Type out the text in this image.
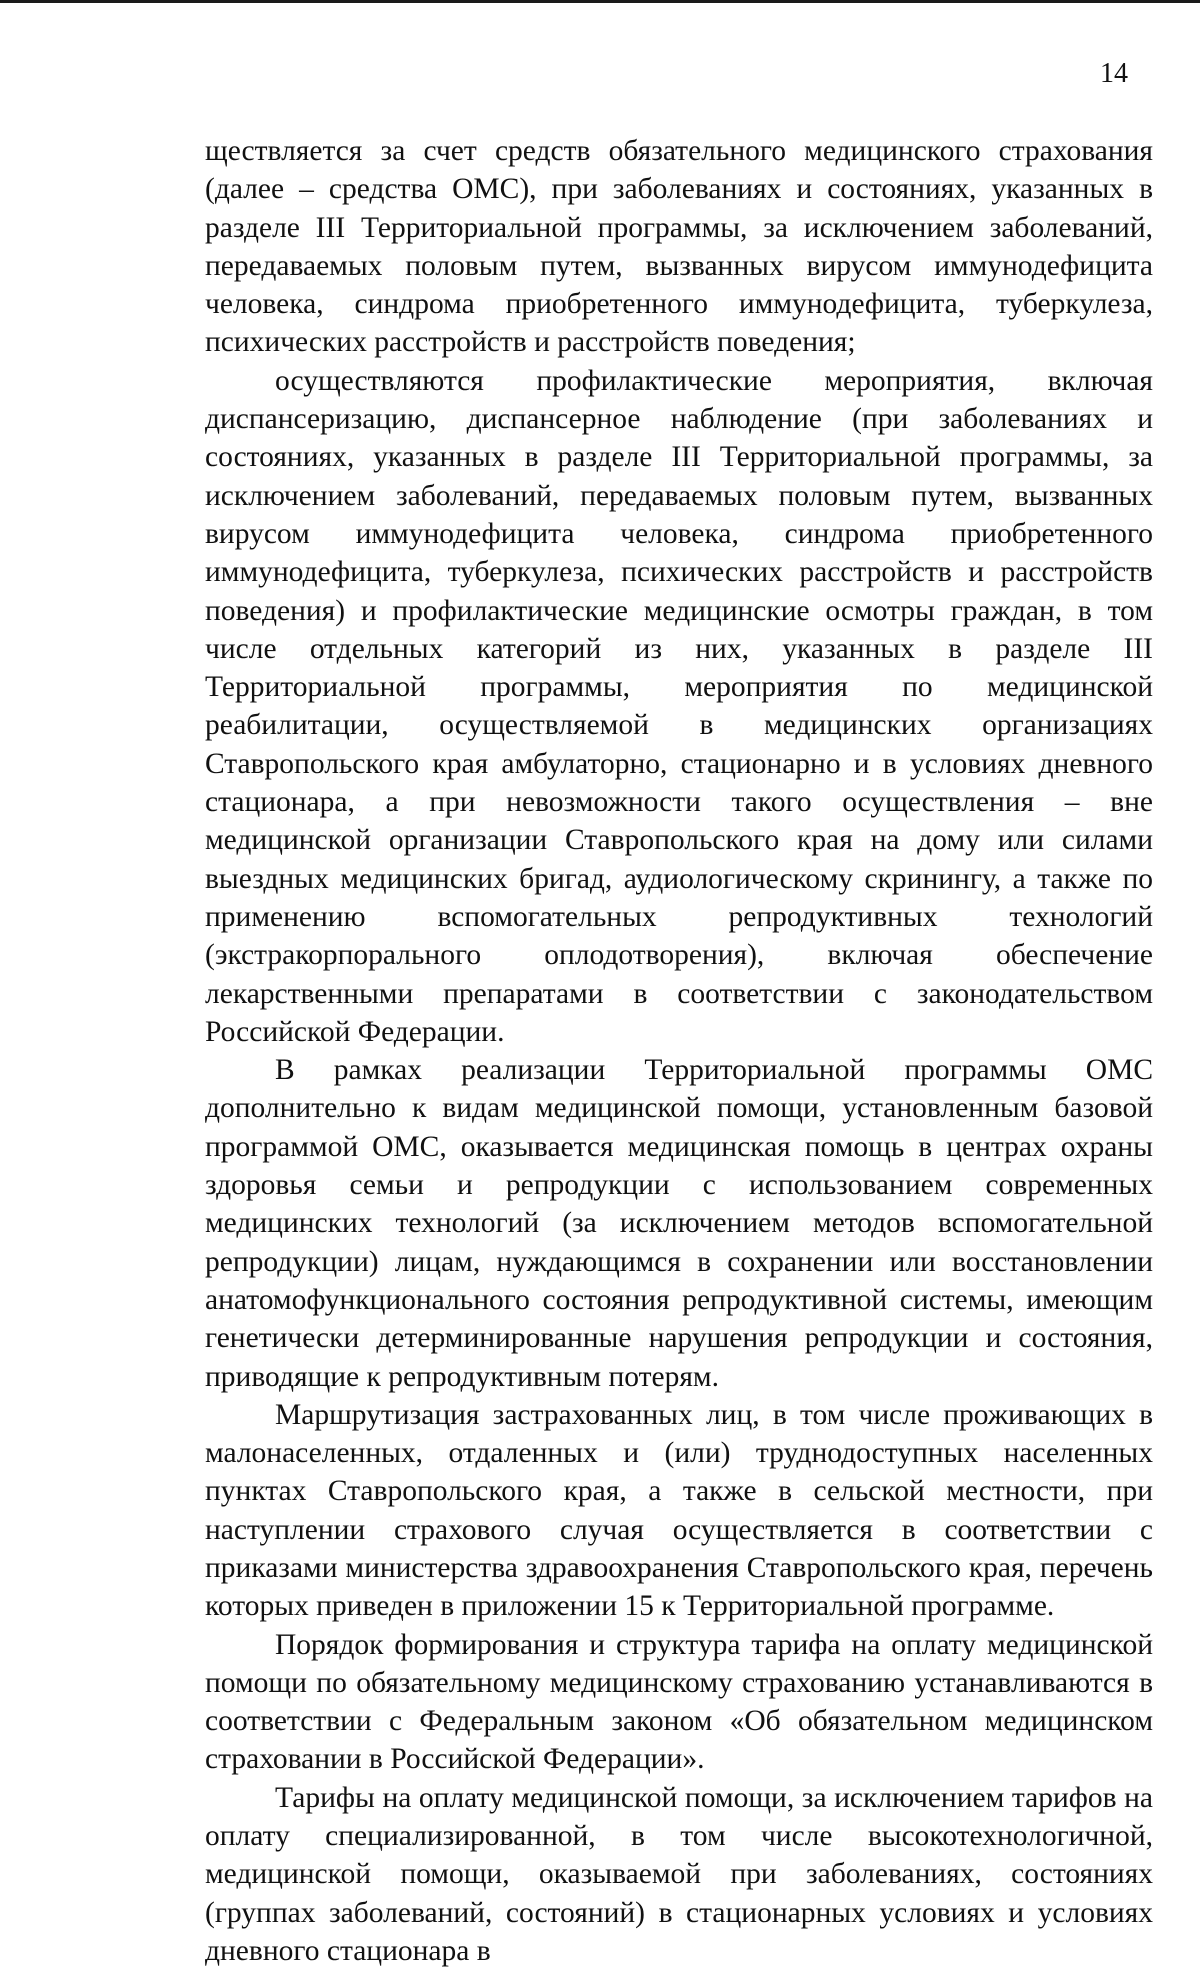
14

ществляется за счет средств обязательного медицинского страхования (далее – средства ОМС), при заболеваниях и состояниях, указанных в разделе III Территориальной программы, за исключением заболеваний, передаваемых половым путем, вызванных вирусом иммунодефицита человека, синдрома приобретенного иммунодефицита, туберкулеза, психических расстройств и расстройств поведения;

осуществляются профилактические мероприятия, включая диспансеризацию, диспансерное наблюдение (при заболеваниях и состояниях, указанных в разделе III Территориальной программы, за исключением заболеваний, передаваемых половым путем, вызванных вирусом иммунодефицита человека, синдрома приобретенного иммунодефицита, туберкулеза, психических расстройств и расстройств поведения) и профилактические медицинские осмотры граждан, в том числе отдельных категорий из них, указанных в разделе III Территориальной программы, мероприятия по медицинской реабилитации, осуществляемой в медицинских организациях Ставропольского края амбулаторно, стационарно и в условиях дневного стационара, а при невозможности такого осуществления – вне медицинской организации Ставропольского края на дому или силами выездных медицинских бригад, аудиологическому скринингу, а также по применению вспомогательных репродуктивных технологий (экстракорпорального оплодотворения), включая обеспечение лекарственными препаратами в соответствии с законодательством Российской Федерации.

В рамках реализации Территориальной программы ОМС дополнительно к видам медицинской помощи, установленным базовой программой ОМС, оказывается медицинская помощь в центрах охраны здоровья семьи и репродукции с использованием современных медицинских технологий (за исключением методов вспомогательной репродукции) лицам, нуждающимся в сохранении или восстановлении анатомофункционального состояния репродуктивной системы, имеющим генетически детерминированные нарушения репродукции и состояния, приводящие к репродуктивным потерям.

Маршрутизация застрахованных лиц, в том числе проживающих в малонаселенных, отдаленных и (или) труднодоступных населенных пунктах Ставропольского края, а также в сельской местности, при наступлении страхового случая осуществляется в соответствии с приказами министерства здравоохранения Ставропольского края, перечень которых приведен в приложении 15 к Территориальной программе.

Порядок формирования и структура тарифа на оплату медицинской помощи по обязательному медицинскому страхованию устанавливаются в соответствии с Федеральным законом «Об обязательном медицинском страховании в Российской Федерации».

Тарифы на оплату медицинской помощи, за исключением тарифов на оплату специализированной, в том числе высокотехнологичной, медицинской помощи, оказываемой при заболеваниях, состояниях (группах заболеваний, состояний) в стационарных условиях и условиях дневного стационара в
